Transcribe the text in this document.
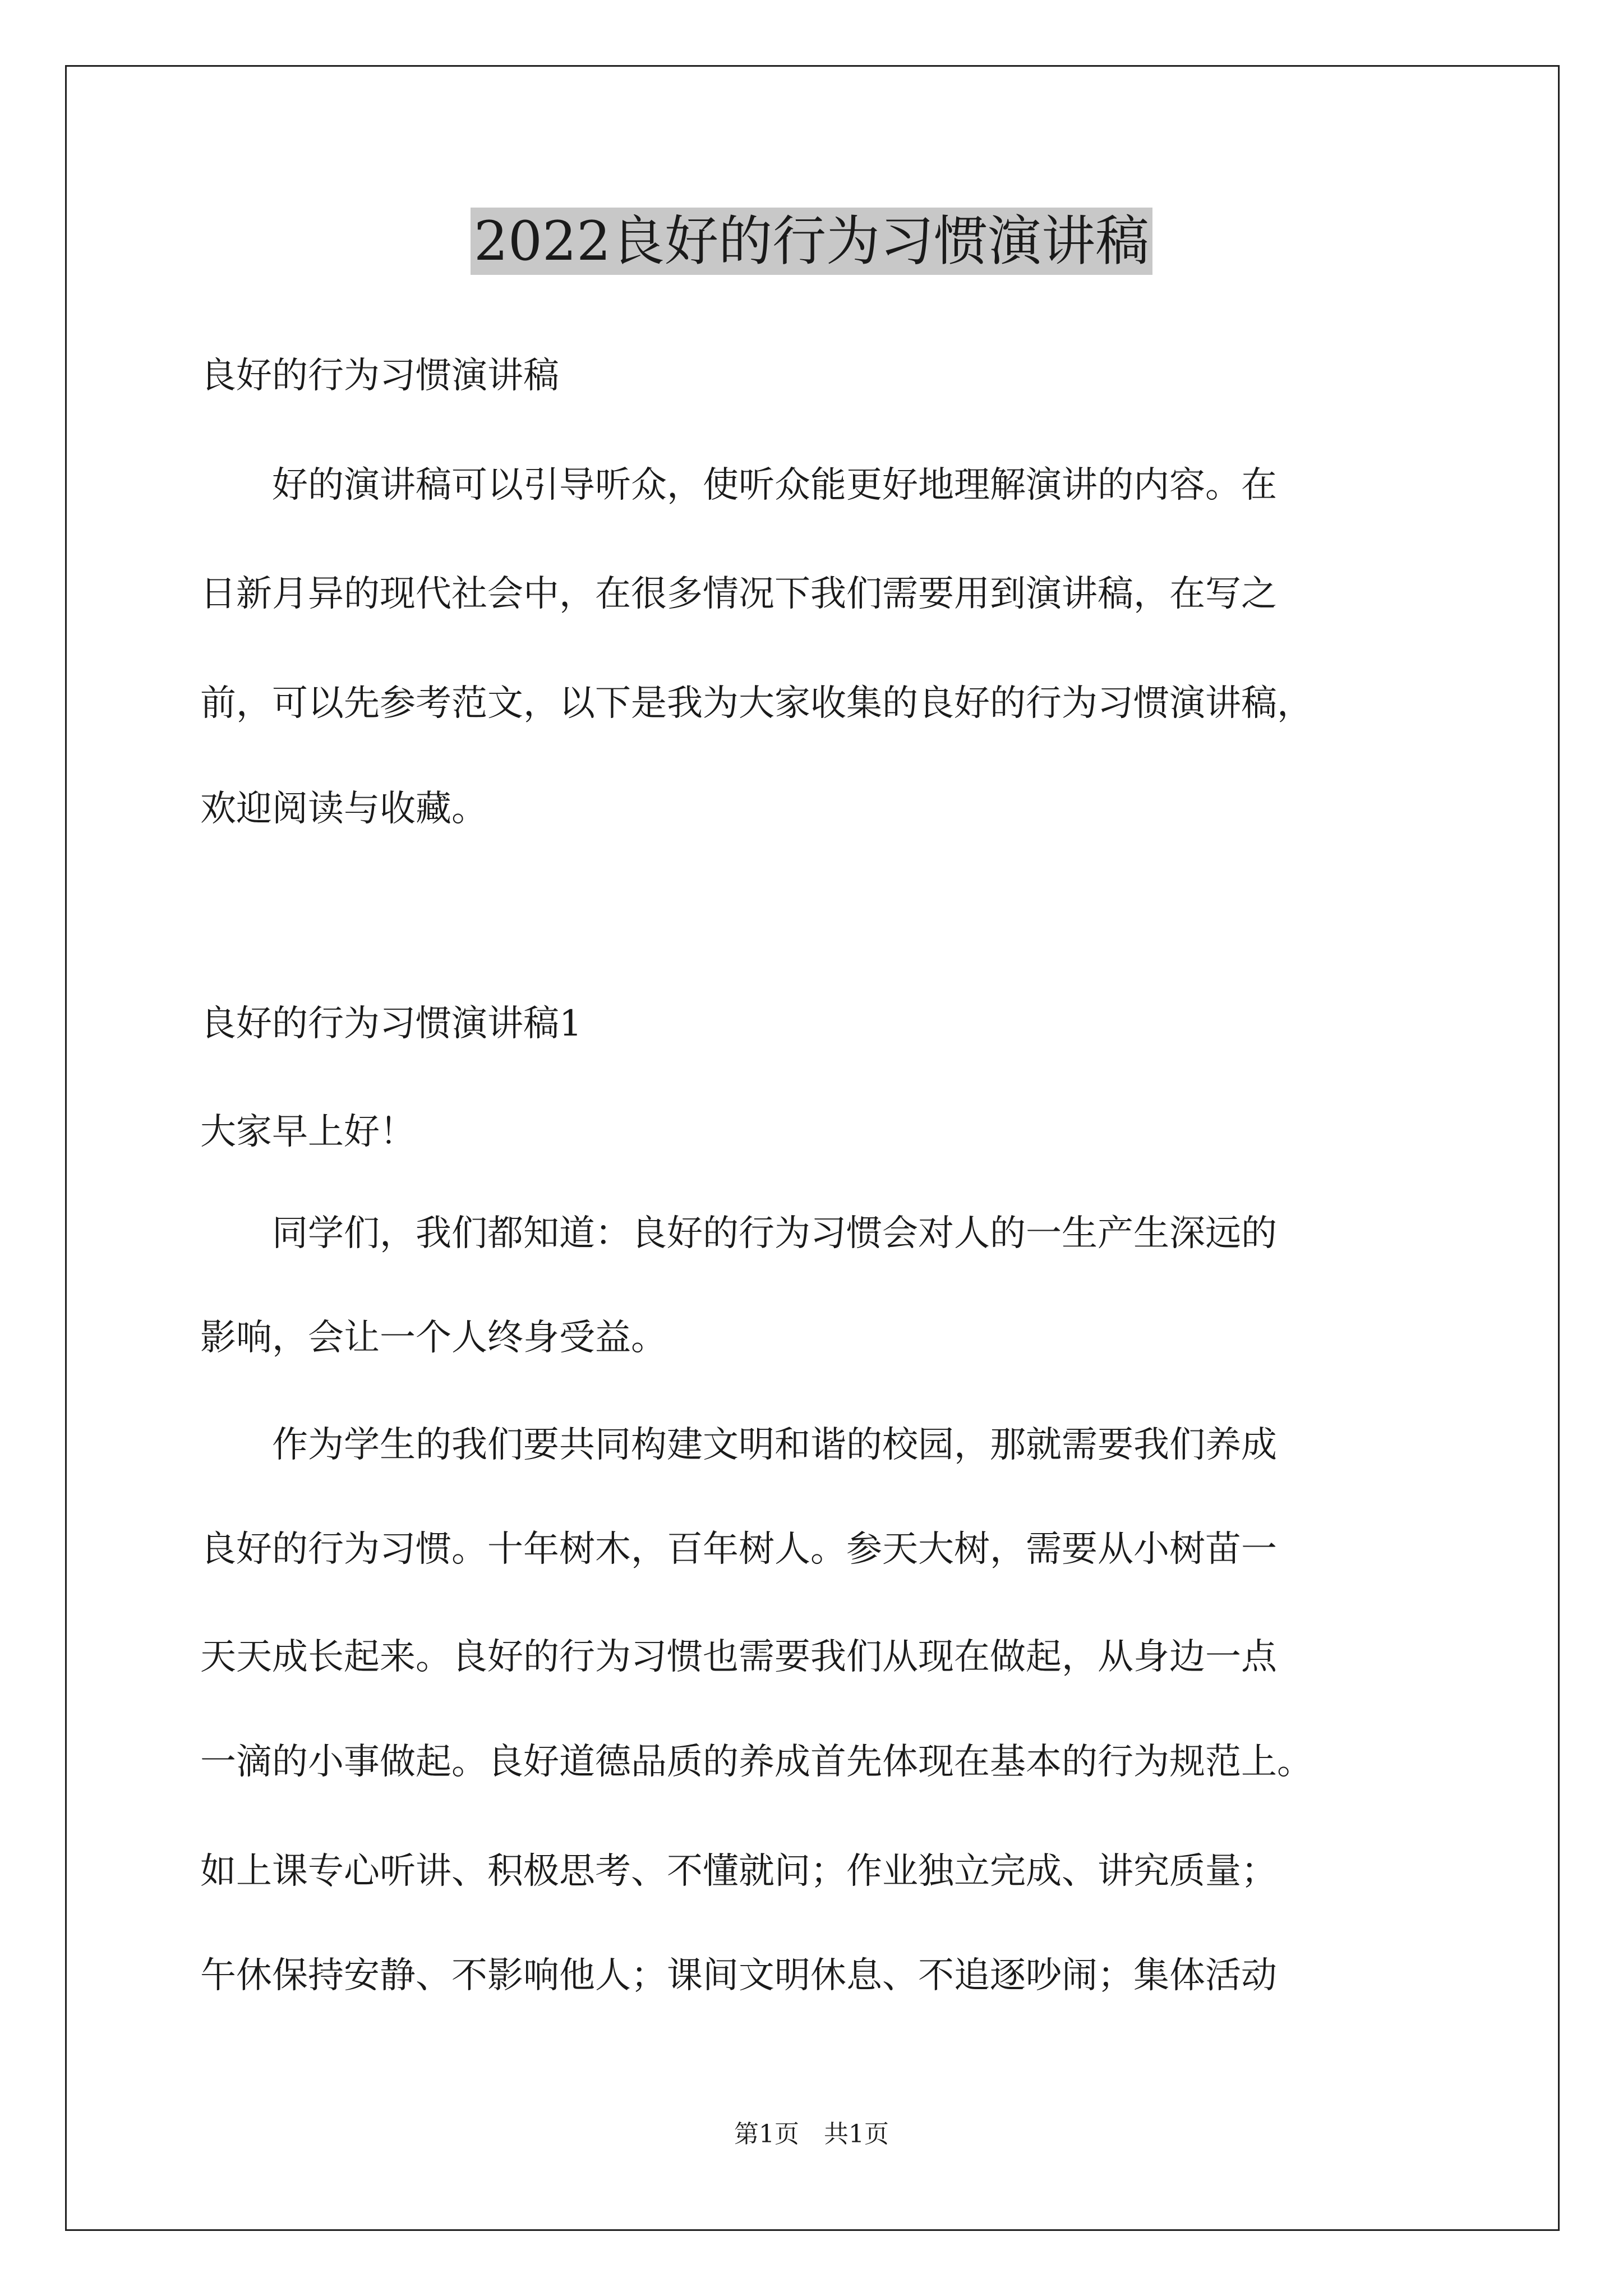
2022良好的行为习惯演讲稿
良好的行为习惯演讲稿
　　好的演讲稿可以引导听众，使听众能更好地理解演讲的内容。在
日新月异的现代社会中，在很多情况下我们需要用到演讲稿，在写之
前，可以先参考范文，以下是我为大家收集的良好的行为习惯演讲稿，
欢迎阅读与收藏。
良好的行为习惯演讲稿1
大家早上好！
　　同学们，我们都知道：良好的行为习惯会对人的一生产生深远的
影响，会让一个人终身受益。
　　作为学生的我们要共同构建文明和谐的校园，那就需要我们养成
良好的行为习惯。十年树木，百年树人。参天大树，需要从小树苗一
天天成长起来。良好的行为习惯也需要我们从现在做起，从身边一点
一滴的小事做起。良好道德品质的养成首先体现在基本的行为规范上。
如上课专心听讲、积极思考、不懂就问；作业独立完成、讲究质量；
午休保持安静、不影响他人；课间文明休息、不追逐吵闹；集体活动
第1页　共1页
